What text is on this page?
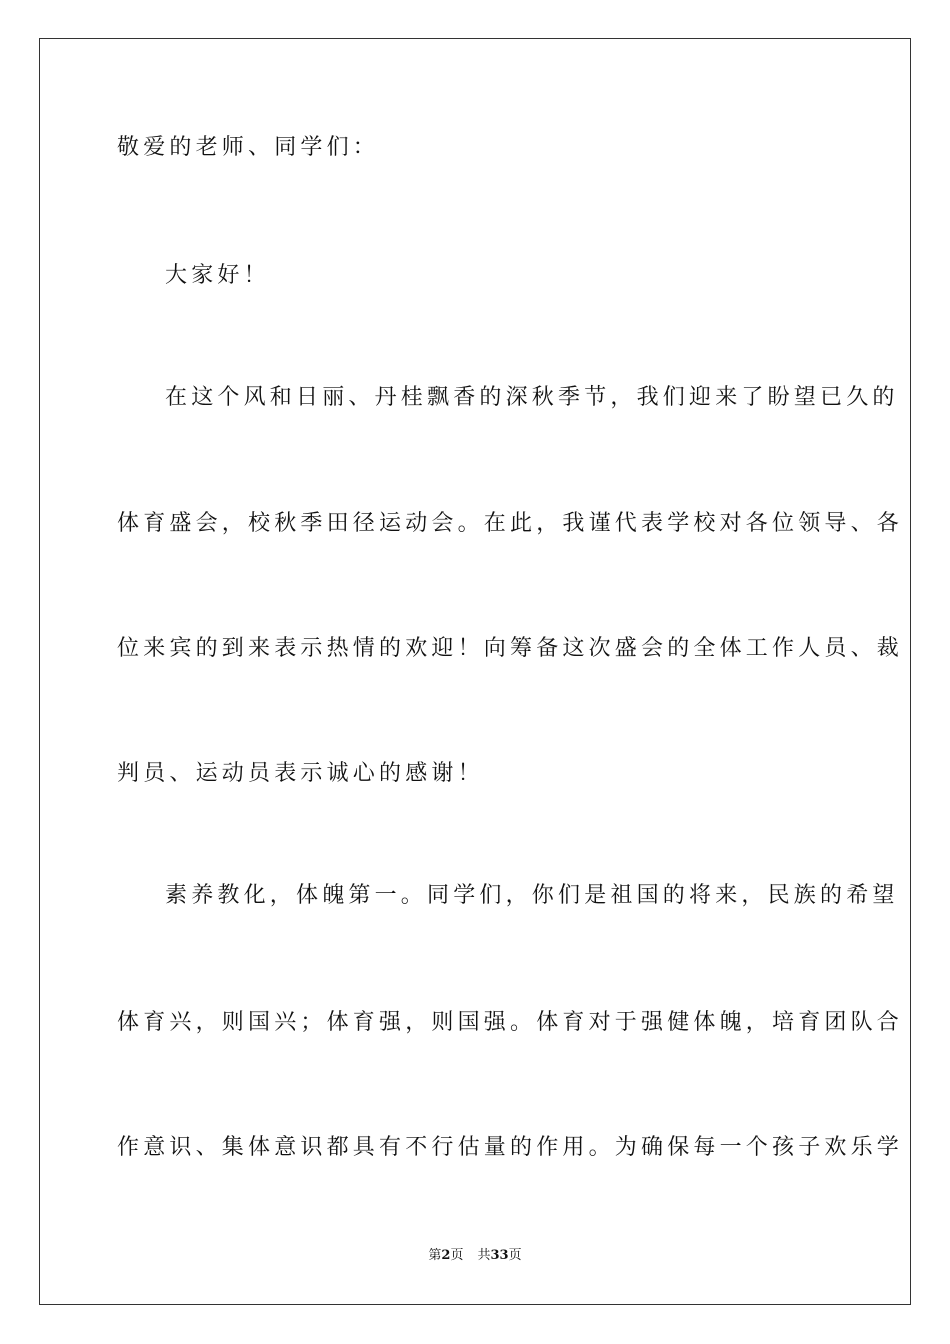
敬爱的老师、同学们：
大家好！
在这个风和日丽、丹桂飘香的深秋季节，我们迎来了盼望已久的
体育盛会，校秋季田径运动会。在此，我谨代表学校对各位领导、各
位来宾的到来表示热情的欢迎！向筹备这次盛会的全体工作人员、裁
判员、运动员表示诚心的感谢！
素养教化，体魄第一。同学们，你们是祖国的将来，民族的希望
体育兴，则国兴；体育强，则国强。体育对于强健体魄，培育团队合
作意识、集体意识都具有不行估量的作用。为确保每一个孩子欢乐学
第2页 共33页
